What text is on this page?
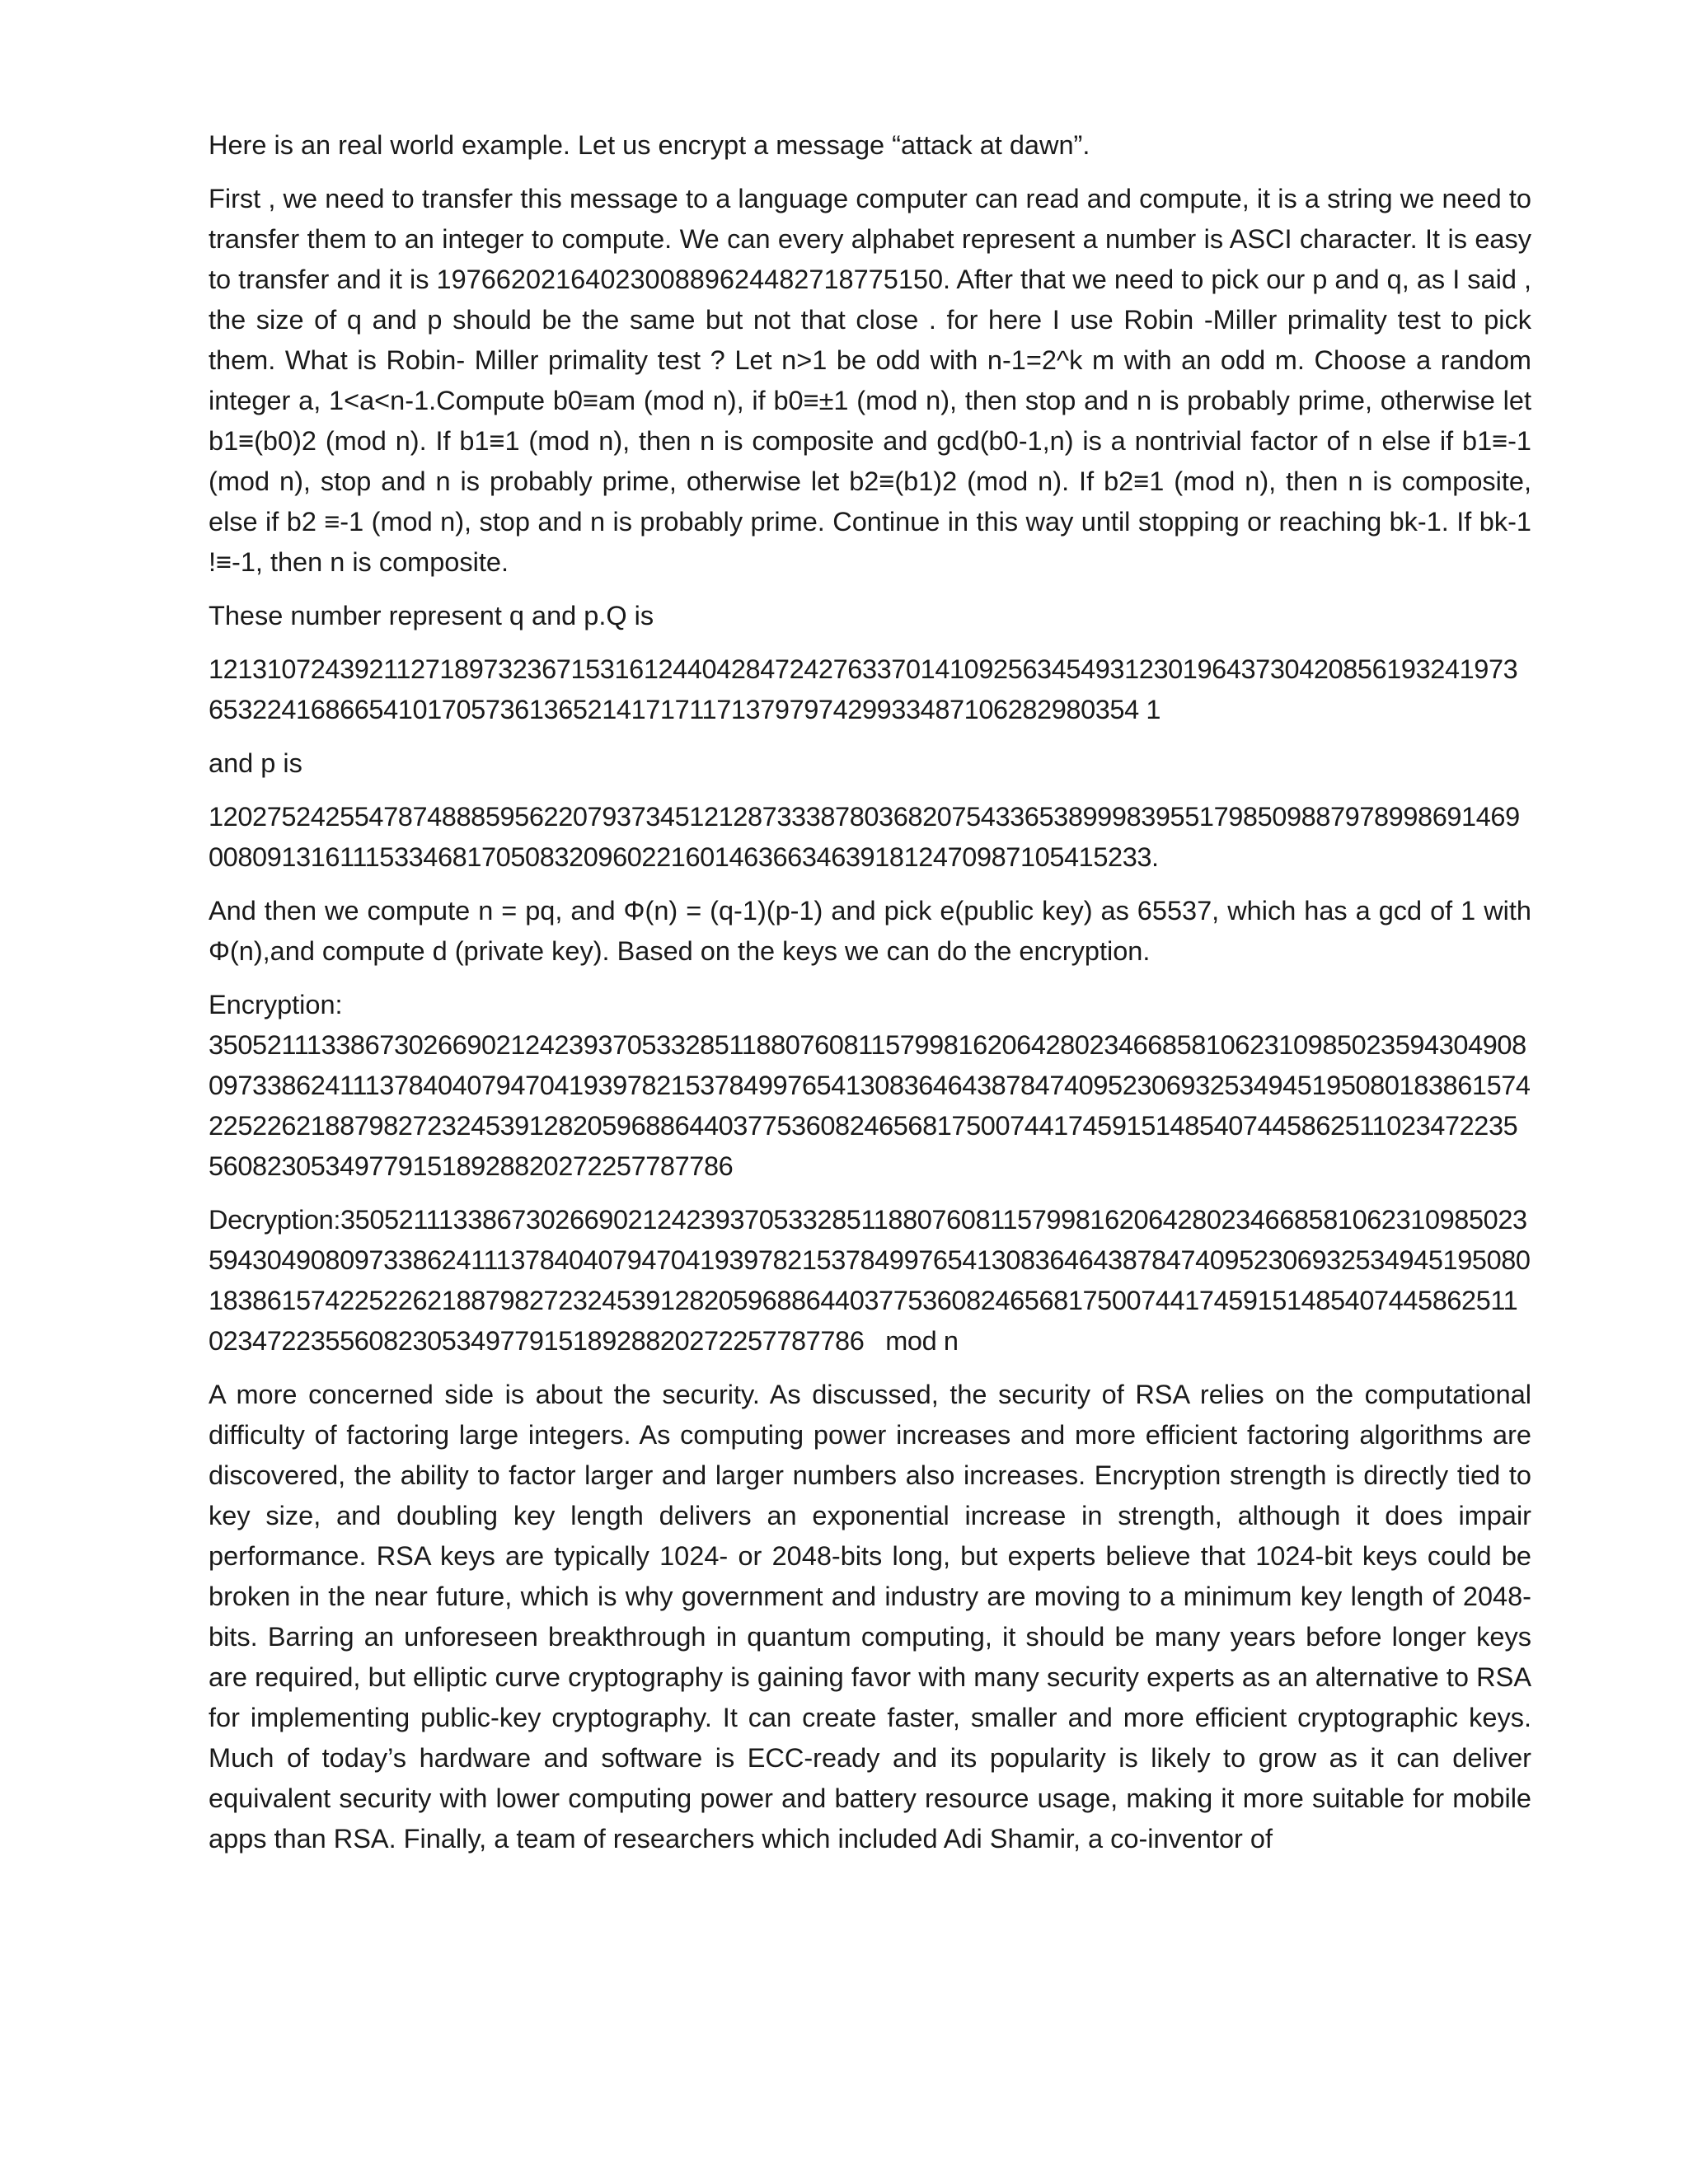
Here is an real world example. Let us encrypt a message “attack at dawn”.

First , we need to transfer this message to a language computer can read and compute, it is a string we need to transfer them to an integer to compute. We can every alphabet represent a number is ASCI character. It is easy to transfer and it is 1976620216402300889624482718775150. After that we need to pick our p and q, as I said , the size of q and p should be the same but not that close . for here I use Robin -Miller primality test to pick them. What is Robin- Miller primality test ? Let n>1 be odd with n-1=2^k m with an odd m. Choose a random integer a, 1<a<n-1.Compute b0≡am (mod n), if b0≡±1 (mod n), then stop and n is probably prime, otherwise let b1≡(b0)2 (mod n). If b1≡1 (mod n), then n is composite and gcd(b0-1,n) is a nontrivial factor of n else if b1≡-1 (mod n), stop and n is probably prime, otherwise let b2≡(b1)2 (mod n). If b2≡1 (mod n), then n is composite, else if b2 ≡-1 (mod n), stop and n is probably prime. Continue in this way until stopping or reaching bk-1. If bk-1 !≡-1, then n is composite.

These number represent q and p.Q is

1213107243921127189732367153161244042847242763370141092563454931230196437304208561932419736532241686654101705736136521417171171379797429933487106282980354 1

and p is

12027524255478748885956220793734512128733387803682075433653899983955179850988797899869146900809131611153346817050832096022160146366346391812470987105415233.

And then we compute n = pq, and Φ(n) = (q-1)(p-1) and pick e(public key) as 65537, which has a gcd of 1 with Φ(n),and compute d (private key). Based on the keys we can do the encryption.

Encryption:

35052111338673026690212423937053328511880760811579981620642802346685810623109850235943049080973386241113784040794704193978215378499765413083646438784740952306932534945195080183861574225226218879827232453912820596886440377536082465681750074417459151485407445862511023472235560823053497791518928820272257787786

Decryption:35052111338673026690212423937053328511880760811579981620642802346685810623109850235943049080973386241113784040794704193978215378499765413083646438784740952306932534945195080183861574225226218879827232453912820596886440377536082465681750074417459151485407445862511023472235560823053497791518928820272257787786   mod n

A more concerned side is about the security. As discussed, the security of RSA relies on the computational difficulty of factoring large integers. As computing power increases and more efficient factoring algorithms are discovered, the ability to factor larger and larger numbers also increases. Encryption strength is directly tied to key size, and doubling key length delivers an exponential increase in strength, although it does impair performance. RSA keys are typically 1024- or 2048-bits long, but experts believe that 1024-bit keys could be broken in the near future, which is why government and industry are moving to a minimum key length of 2048-bits. Barring an unforeseen breakthrough in quantum computing, it should be many years before longer keys are required, but elliptic curve cryptography is gaining favor with many security experts as an alternative to RSA for implementing public-key cryptography. It can create faster, smaller and more efficient cryptographic keys. Much of today’s hardware and software is ECC-ready and its popularity is likely to grow as it can deliver equivalent security with lower computing power and battery resource usage, making it more suitable for mobile apps than RSA. Finally, a team of researchers which included Adi Shamir, a co-inventor of
